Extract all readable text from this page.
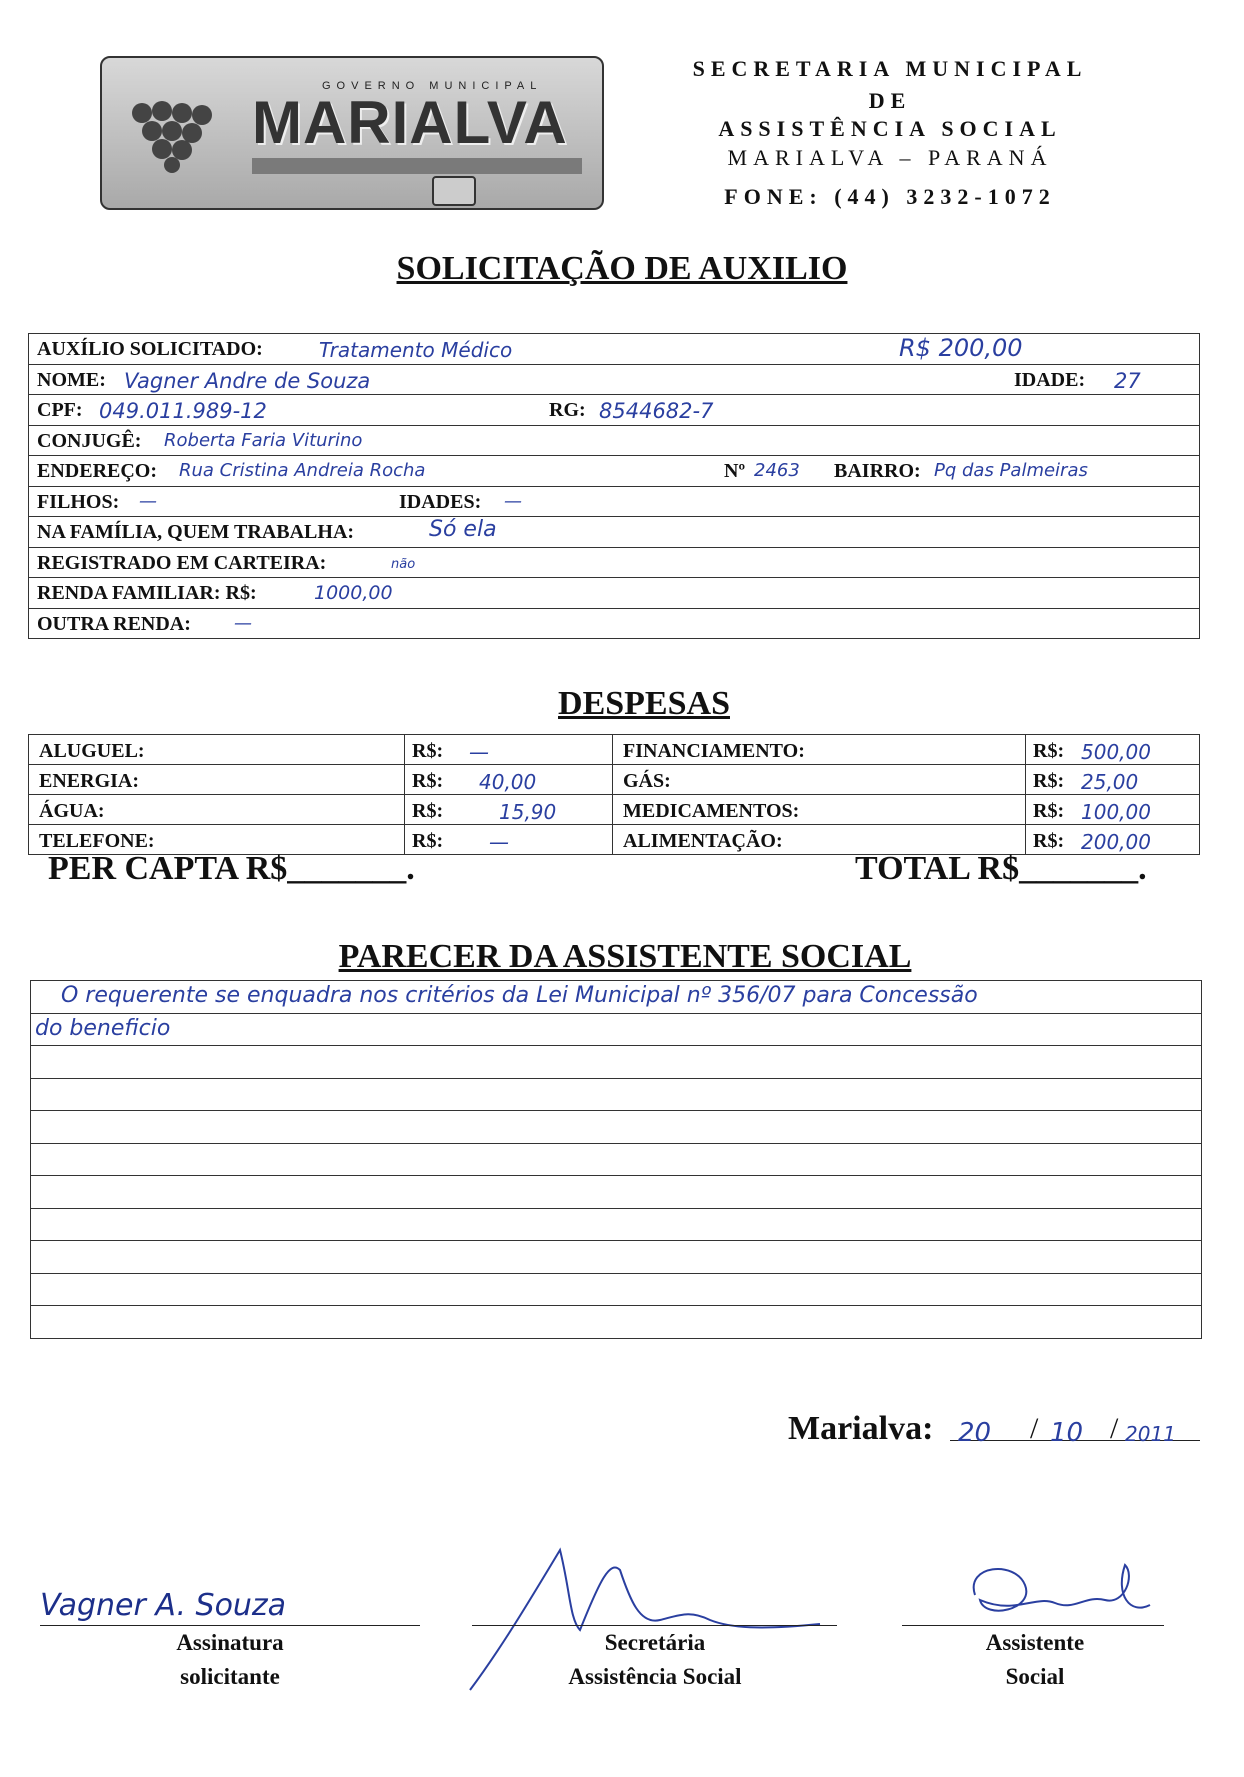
GOVERNO MUNICIPAL
MARIALVA
SECRETARIA MUNICIPAL
DE
ASSISTÊNCIA SOCIAL
MARIALVA – PARANÁ
FONE: (44) 3232-1072
SOLICITAÇÃO DE AUXILIO
AUXÍLIO SOLICITADO:	Tratamento Médico	R$ 200,00
NOME: Vagner Andre de Souza	IDADE: 27
CPF: 049.011.989-12	RG: 8544682-7
CONJUGÊ: Roberta Faria Viturino
ENDEREÇO: Rua Cristina Andreia Rocha	Nº 2463 BAIRRO: Pq das Palmeiras
FILHOS: —	IDADES: —
NA FAMÍLIA, QUEM TRABALHA:	Só ela
REGISTRADO EM CARTEIRA:	não
RENDA FAMILIAR: R$:	1000,00
OUTRA RENDA: —
DESPESAS
ALUGUEL:	R$: —	FINANCIAMENTO:	R$: 500,00
ENERGIA:	R$: 40,00	GÁS:	R$: 25,00
ÁGUA:	R$:	15,90	MEDICAMENTOS:	R$: 100,00
TELEFONE:	R$: —	ALIMENTAÇÃO:	R$: 200,00
PER CAPTA R$_______.	TOTAL R$_______.
PARECER DA ASSISTENTE SOCIAL
O requerente se enquadra nos critérios da Lei Municipal nº 356/07 para Concessão
do beneficio
Marialva: 20 / 10 / 2011
Vagner A. Souza
Assinatura
solicitante
Secretária
Assistência Social
Assistente
Social
